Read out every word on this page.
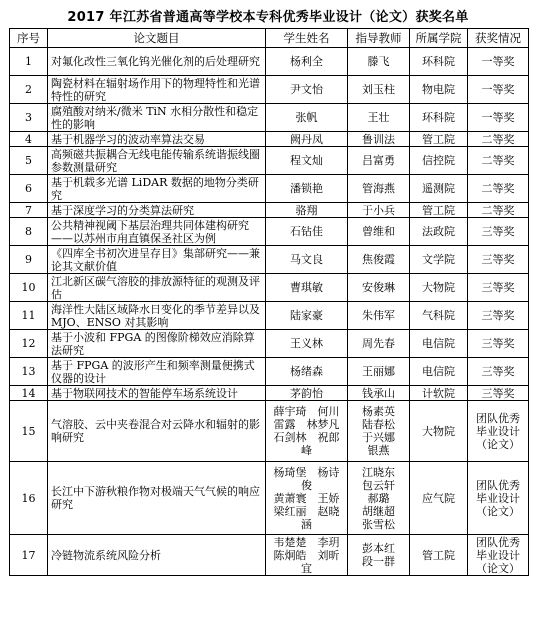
2017 年江苏省普通高等学校本专科优秀毕业设计（论文）获奖名单
序号	论文题目	学生姓名	指导教师	所属学院	获奖情况
1	对氟化改性三氧化钨光催化剂的后处理研究	杨利全	滕飞	环科院	一等奖
2	陶瓷材料在辐射场作用下的物理特性和光谱特性的研究	尹文怡	刘玉柱	物电院	一等奖
3	腐殖酸对纳米/微米 TiN 水相分散性和稳定性的影响	张帆	王壮	环科院	一等奖
4	基于机器学习的波动率算法交易	阙丹凤	鲁训法	管工院	二等奖
5	高频磁共振耦合无线电能传输系统谐振线圈参数测量研究	程文灿	吕富勇	信控院	二等奖
6	基于机载多光谱 LiDAR 数据的地物分类研究	潘锁艳	管海燕	遥测院	二等奖
7	基于深度学习的分类算法研究	骆翔	于小兵	管工院	二等奖
8	公共精神视阈下基层治理共同体建构研究——以苏州市甪直镇保圣社区为例	石钻佳	曾维和	法政院	三等奖
9	《四库全书初次进呈存目》集部研究——兼论其文献价值	马文良	焦俊霞	文学院	三等奖
10	江北新区碳气溶胶的排放源特征的观测及评估	曹琪敏	安俊琳	大物院	三等奖
11	海洋性大陆区域降水日变化的季节差异以及 MJO、ENSO 对其影响	陆家豪	朱伟军	气科院	三等奖
12	基于小波和 FPGA 的图像阶梯效应消除算法研究	王义林	周先春	电信院	三等奖
13	基于 FPGA 的波形产生和频率测量便携式仪器的设计	杨绪森	王丽娜	电信院	三等奖
14	基于物联网技术的智能停车场系统设计	茅韵怡	钱承山	计软院	三等奖
15	气溶胶、云中夹卷混合对云降水和辐射的影响研究	薛宇琦　何川
雷露　林梦凡
石剑林　祝郎峰	杨素英
陆春松
于兴娜
银燕	大物院	团队优秀
毕业设计
（论文）
16	长江中下游秋粮作物对极端天气气候的响应研究	杨琦堡　杨诗俊
黄萧寰　王娇
梁红丽　赵晓涵	江晓东
包云轩
郝璐
胡继超
张雪松	应气院	团队优秀
毕业设计
（论文）
17	冷链物流系统风险分析	韦楚楚　李玥
陈炯皓　刘昕宜	彭本红
段一群	管工院	团队优秀
毕业设计
（论文）
